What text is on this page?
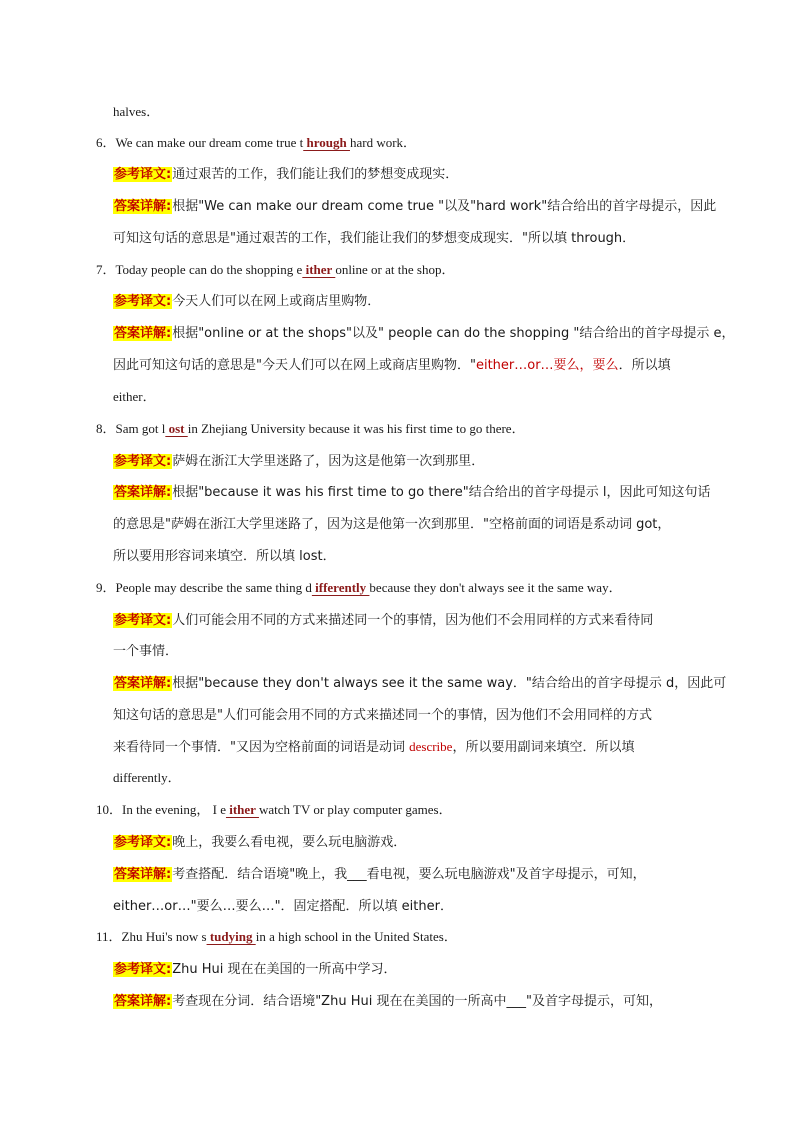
halves．
6．We can make our dream come true t hrough hard work．
参考译文:通过艰苦的工作，我们能让我们的梦想变成现实．
答案详解:根据"We can make our dream come true "以及"hard work"结合给出的首字母提示，因此
可知这句话的意思是"通过艰苦的工作，我们能让我们的梦想变成现实．"所以填 through．
7．Today people can do the shopping e ither online or at the shop．
参考译文:今天人们可以在网上或商店里购物．
答案详解:根据"online or at the shops"以及" people can do the shopping "结合给出的首字母提示 e，
因此可知这句话的意思是"今天人们可以在网上或商店里购物．"either…or…要么，要么．所以填
either．
8．Sam got l ost in Zhejiang University because it was his first time to go there．
参考译文:萨姆在浙江大学里迷路了，因为这是他第一次到那里．
答案详解:根据"because it was his first time to go there"结合给出的首字母提示 l，因此可知这句话
的意思是"萨姆在浙江大学里迷路了，因为这是他第一次到那里．"空格前面的词语是系动词 got，
所以要用形容词来填空．所以填 lost．
9．People may describe the same thing d ifferently because they don't always see it the same way．
参考译文:人们可能会用不同的方式来描述同一个的事情，因为他们不会用同样的方式来看待同
一个事情．
答案详解:根据"because they don't always see it the same way．"结合给出的首字母提示 d，因此可
知这句话的意思是"人们可能会用不同的方式来描述同一个的事情，因为他们不会用同样的方式
来看待同一个事情．"又因为空格前面的词语是动词 describe，所以要用副词来填空．所以填
differently．
10．In the evening， I e ither watch TV or play computer games．
参考译文:晚上，我要么看电视，要么玩电脑游戏．
答案详解:考查搭配．结合语境"晚上，我___看电视，要么玩电脑游戏"及首字母提示，可知，
either…or…"要么…要么…"．固定搭配．所以填 either．
11．Zhu Hui's now s tudying in a high school in the United States．
参考译文:Zhu Hui 现在在美国的一所高中学习．
答案详解:考查现在分词．结合语境"Zhu Hui 现在在美国的一所高中___"及首字母提示，可知，
